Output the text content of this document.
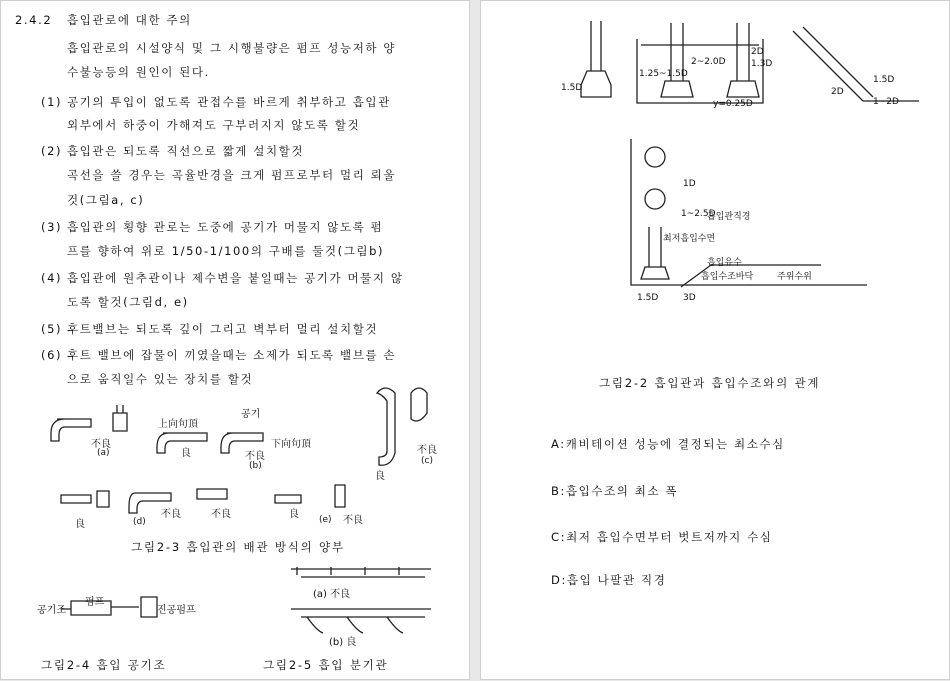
2.4.2 흡입관로에 대한 주의
흡입관로의 시설양식 및 그 시행불량은 펌프 성능저하 양
수불능등의 원인이 된다.
(1) 공기의 투입이 없도록 관접수를 바르게 취부하고 흡입관
외부에서 하중이 가해져도 구부러지지 않도록 할것
(2) 흡입관은 되도록 직선으로 짧게 설치할것
곡선을 쓸 경우는 곡율반경을 크게 펌프로부터 멀리 뢰울
것(그림a, c)
(3) 흡입관의 횡향 관로는 도중에 공기가 머물지 않도록 펌
프를 향하여 위로 1/50-1/100의 구배를 둘것(그림b)
(4) 흡입관에 원추관이나 제수변을 붙일때는 공기가 머물지 않
도록 할것(그림d, e)
(5) 후트밸브는 되도록 깊이 그리고 벽부터 멀리 설치할것
(6) 후트 밸브에 잡물이 끼였을때는 소제가 되도록 밸브를 손
으로 움직일수 있는 장치를 할것
不良
(a)
上向句頂
良
공기
下向句頂
不良
(b)
良
不良
(c)
良	(d)
不良	不良	良 (e) 不良
그림2-3 흡입관의 배관 방식의 양부
(a) 不良
(b) 良
공기조
펌프
진공펌프
그림2-4 흡입 공기조	그림2-5 흡입 분기관
1.5D
1.25~1.5D
2~2.0D
2D
1.3D
y=0.25D
1.5D
1~2D
2D
1D
1~2.5D
1.5D	3D
흡입관직경
최저흡입수면
흡입유수
주위수위
흡입수조바닥
그림2-2 흡입관과 흡입수조와의 관계
A:캐비테이션 성능에 결정되는 최소수심
B:흡입수조의 최소 폭
C:최저 흡입수면부터 벗트저까지 수심
D:흡입 나팔관 직경
